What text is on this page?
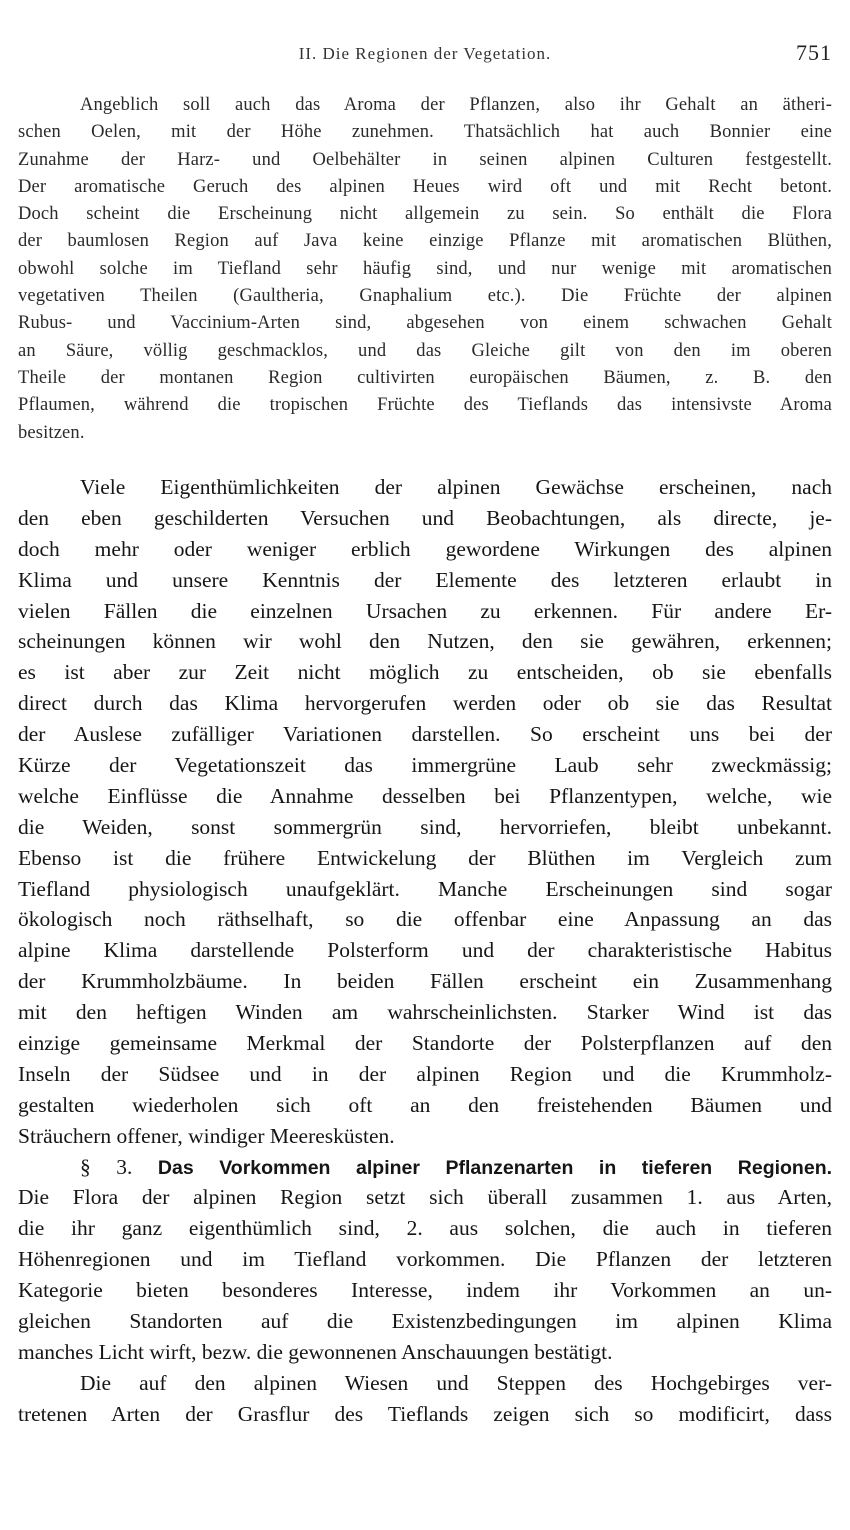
II. Die Regionen der Vegetation.	751
Angeblich soll auch das Aroma der Pflanzen, also ihr Gehalt an ätheri-
schen Oelen, mit der Höhe zunehmen. Thatsächlich hat auch Bonnier eine
Zunahme der Harz- und Oelbehälter in seinen alpinen Culturen festgestellt.
Der aromatische Geruch des alpinen Heues wird oft und mit Recht betont.
Doch scheint die Erscheinung nicht allgemein zu sein. So enthält die Flora
der baumlosen Region auf Java keine einzige Pflanze mit aromatischen Blüthen,
obwohl solche im Tiefland sehr häufig sind, und nur wenige mit aromatischen
vegetativen Theilen (Gaultheria, Gnaphalium etc.). Die Früchte der alpinen
Rubus- und Vaccinium-Arten sind, abgesehen von einem schwachen Gehalt
an Säure, völlig geschmacklos, und das Gleiche gilt von den im oberen
Theile der montanen Region cultivirten europäischen Bäumen, z. B. den
Pflaumen, während die tropischen Früchte des Tieflands das intensivste Aroma
besitzen.
Viele Eigenthümlichkeiten der alpinen Gewächse erscheinen, nach
den eben geschilderten Versuchen und Beobachtungen, als directe, je-
doch mehr oder weniger erblich gewordene Wirkungen des alpinen
Klima und unsere Kenntnis der Elemente des letzteren erlaubt in
vielen Fällen die einzelnen Ursachen zu erkennen. Für andere Er-
scheinungen können wir wohl den Nutzen, den sie gewähren, erkennen;
es ist aber zur Zeit nicht möglich zu entscheiden, ob sie ebenfalls
direct durch das Klima hervorgerufen werden oder ob sie das Resultat
der Auslese zufälliger Variationen darstellen. So erscheint uns bei der
Kürze der Vegetationszeit das immergrüne Laub sehr zweckmässig;
welche Einflüsse die Annahme desselben bei Pflanzentypen, welche, wie
die Weiden, sonst sommergrün sind, hervorriefen, bleibt unbekannt.
Ebenso ist die frühere Entwickelung der Blüthen im Vergleich zum
Tiefland physiologisch unaufgeklärt. Manche Erscheinungen sind sogar
ökologisch noch räthselhaft, so die offenbar eine Anpassung an das
alpine Klima darstellende Polsterform und der charakteristische Habitus
der Krummholzbäume. In beiden Fällen erscheint ein Zusammenhang
mit den heftigen Winden am wahrscheinlichsten. Starker Wind ist das
einzige gemeinsame Merkmal der Standorte der Polsterpflanzen auf den
Inseln der Südsee und in der alpinen Region und die Krummholz-
gestalten wiederholen sich oft an den freistehenden Bäumen und
Sträuchern offener, windiger Meeresküsten.
§ 3. Das Vorkommen alpiner Pflanzenarten in tieferen Regionen.
Die Flora der alpinen Region setzt sich überall zusammen 1. aus Arten,
die ihr ganz eigenthümlich sind, 2. aus solchen, die auch in tieferen
Höhenregionen und im Tiefland vorkommen. Die Pflanzen der letzteren
Kategorie bieten besonderes Interesse, indem ihr Vorkommen an un-
gleichen Standorten auf die Existenzbedingungen im alpinen Klima
manches Licht wirft, bezw. die gewonnenen Anschauungen bestätigt.
Die auf den alpinen Wiesen und Steppen des Hochgebirges ver-
tretenen Arten der Grasflur des Tieflands zeigen sich so modificirt, dass
